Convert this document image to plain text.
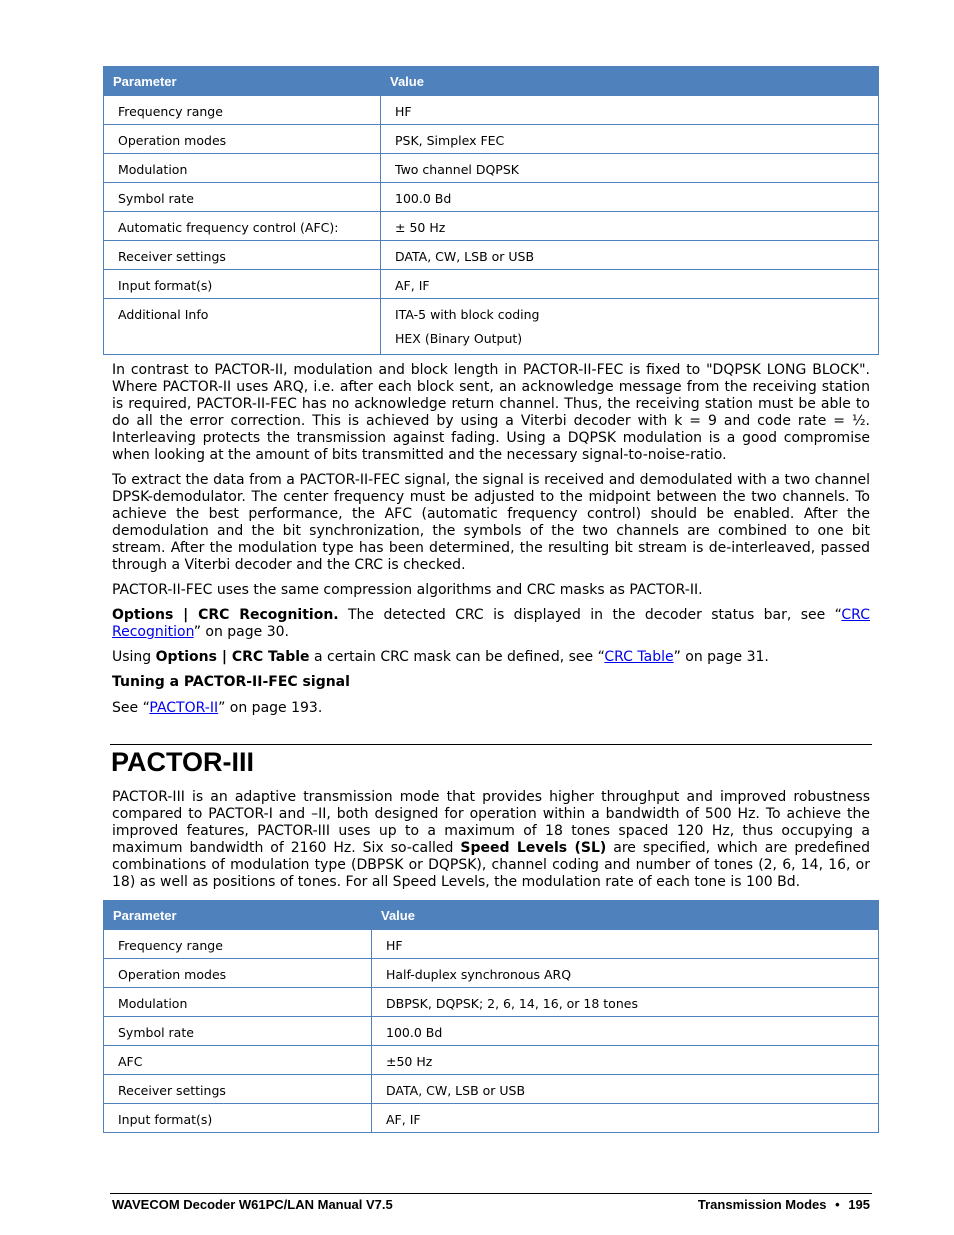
Parameter	Value
Frequency range	HF
Operation modes	PSK, Simplex FEC
Modulation	Two channel DQPSK
Symbol rate	100.0 Bd
Automatic frequency control (AFC):	± 50 Hz
Receiver settings	DATA, CW, LSB or USB
Input format(s)	AF, IF
Additional Info	ITA-5 with block coding
HEX (Binary Output)

In contrast to PACTOR-II, modulation and block length in PACTOR-II-FEC is fixed to "DQPSK LONG BLOCK". Where PACTOR-II uses ARQ, i.e. after each block sent, an acknowledge message from the receiving station is required, PACTOR-II-FEC has no acknowledge return channel. Thus, the receiving station must be able to do all the error correction. This is achieved by using a Viterbi decoder with k = 9 and code rate = ½. Interleaving protects the transmission against fading. Using a DQPSK modulation is a good compromise when looking at the amount of bits transmitted and the necessary signal-to-noise-ratio.

To extract the data from a PACTOR-II-FEC signal, the signal is received and demodulated with a two channel DPSK-demodulator. The center frequency must be adjusted to the midpoint between the two channels. To achieve the best performance, the AFC (automatic frequency control) should be enabled. After the demodulation and the bit synchronization, the symbols of the two channels are combined to one bit stream. After the modulation type has been determined, the resulting bit stream is de-interleaved, passed through a Viterbi decoder and the CRC is checked.

PACTOR-II-FEC uses the same compression algorithms and CRC masks as PACTOR-II.

Options | CRC Recognition. The detected CRC is displayed in the decoder status bar, see “CRC Recognition” on page 30.

Using Options | CRC Table a certain CRC mask can be defined, see “CRC Table” on page 31.

Tuning a PACTOR-II-FEC signal

See “PACTOR-II” on page 193.

PACTOR-III

PACTOR-III is an adaptive transmission mode that provides higher throughput and improved robustness compared to PACTOR-I and –II, both designed for operation within a bandwidth of 500 Hz. To achieve the improved features, PACTOR-III uses up to a maximum of 18 tones spaced 120 Hz, thus occupying a maximum bandwidth of 2160 Hz. Six so-called Speed Levels (SL) are specified, which are predefined combinations of modulation type (DBPSK or DQPSK), channel coding and number of tones (2, 6, 14, 16, or 18) as well as positions of tones. For all Speed Levels, the modulation rate of each tone is 100 Bd.

Parameter	Value
Frequency range	HF
Operation modes	Half-duplex synchronous ARQ
Modulation	DBPSK, DQPSK; 2, 6, 14, 16, or 18 tones
Symbol rate	100.0 Bd
AFC	±50 Hz
Receiver settings	DATA, CW, LSB or USB
Input format(s)	AF, IF
WAVECOM Decoder W61PC/LAN Manual V7.5	Transmission Modes • 195
